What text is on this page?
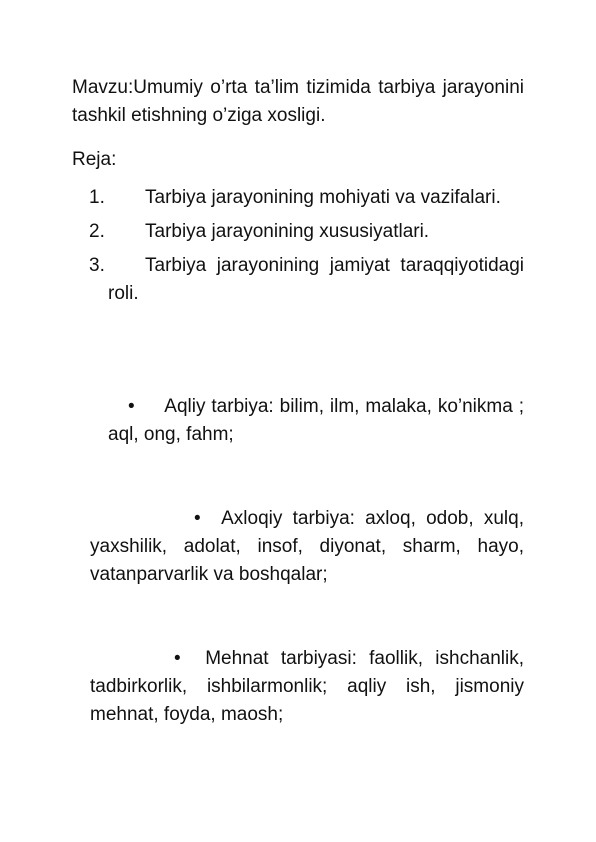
Mavzu:Umumiy o’rta ta’lim tizimida tarbiya jarayonini tashkil etishning o’ziga xosligi.
Reja:
1.	Tarbiya jarayonining mohiyati va vazifalari.
2.	Tarbiya jarayonining xususiyatlari.
3.	Tarbiya jarayonining jamiyat taraqqiyotidagi roli.
• Aqliy tarbiya: bilim, ilm, malaka, ko’nikma ; aql, ong, fahm;
• Axloqiy tarbiya: axloq, odob, xulq, yaxshilik, adolat, insof, diyonat, sharm, hayo, vatanparvarlik va boshqalar;
• Mehnat tarbiyasi: faollik, ishchanlik, tadbirkorlik, ishbilarmonlik; aqliy ish, jismoniy mehnat, foyda, maosh;
